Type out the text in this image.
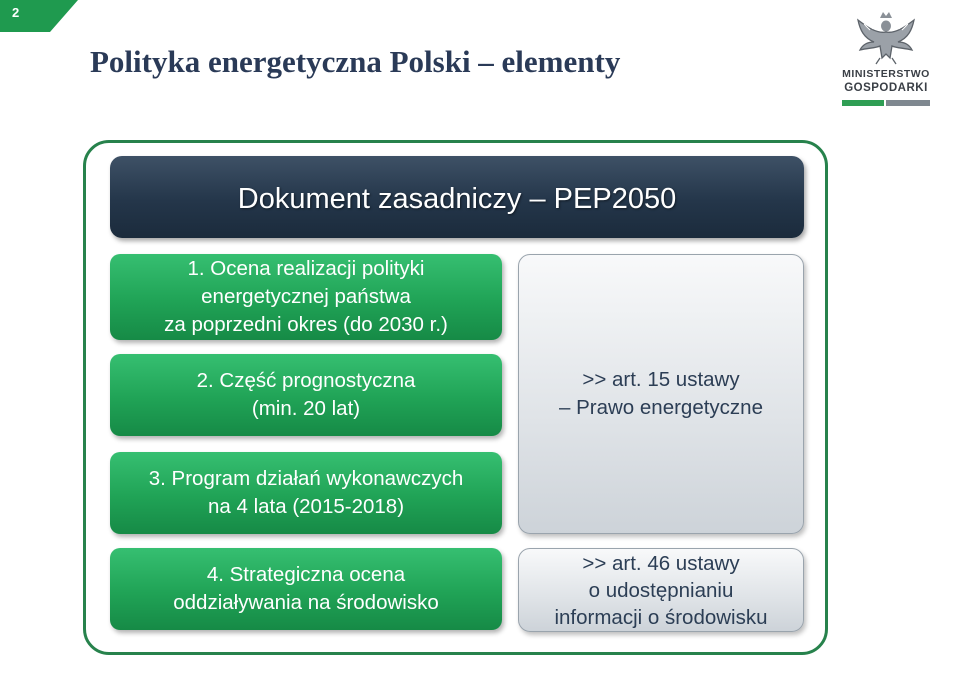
2
Polityka energetyczna Polski – elementy	MINISTERSTWO
GOSPODARKI
Dokument zasadniczy – PEP2050
1. Ocena realizacji polityki
energetycznej państwa
za poprzedni okres (do 2030 r.)
2. Część prognostyczna
(min. 20 lat)
3. Program działań wykonawczych
na 4 lata (2015-2018)
4. Strategiczna ocena
oddziaływania na środowisko
>> art. 15 ustawy
– Prawo energetyczne
>> art. 46 ustawy
o udostępnianiu
informacji o środowisku
